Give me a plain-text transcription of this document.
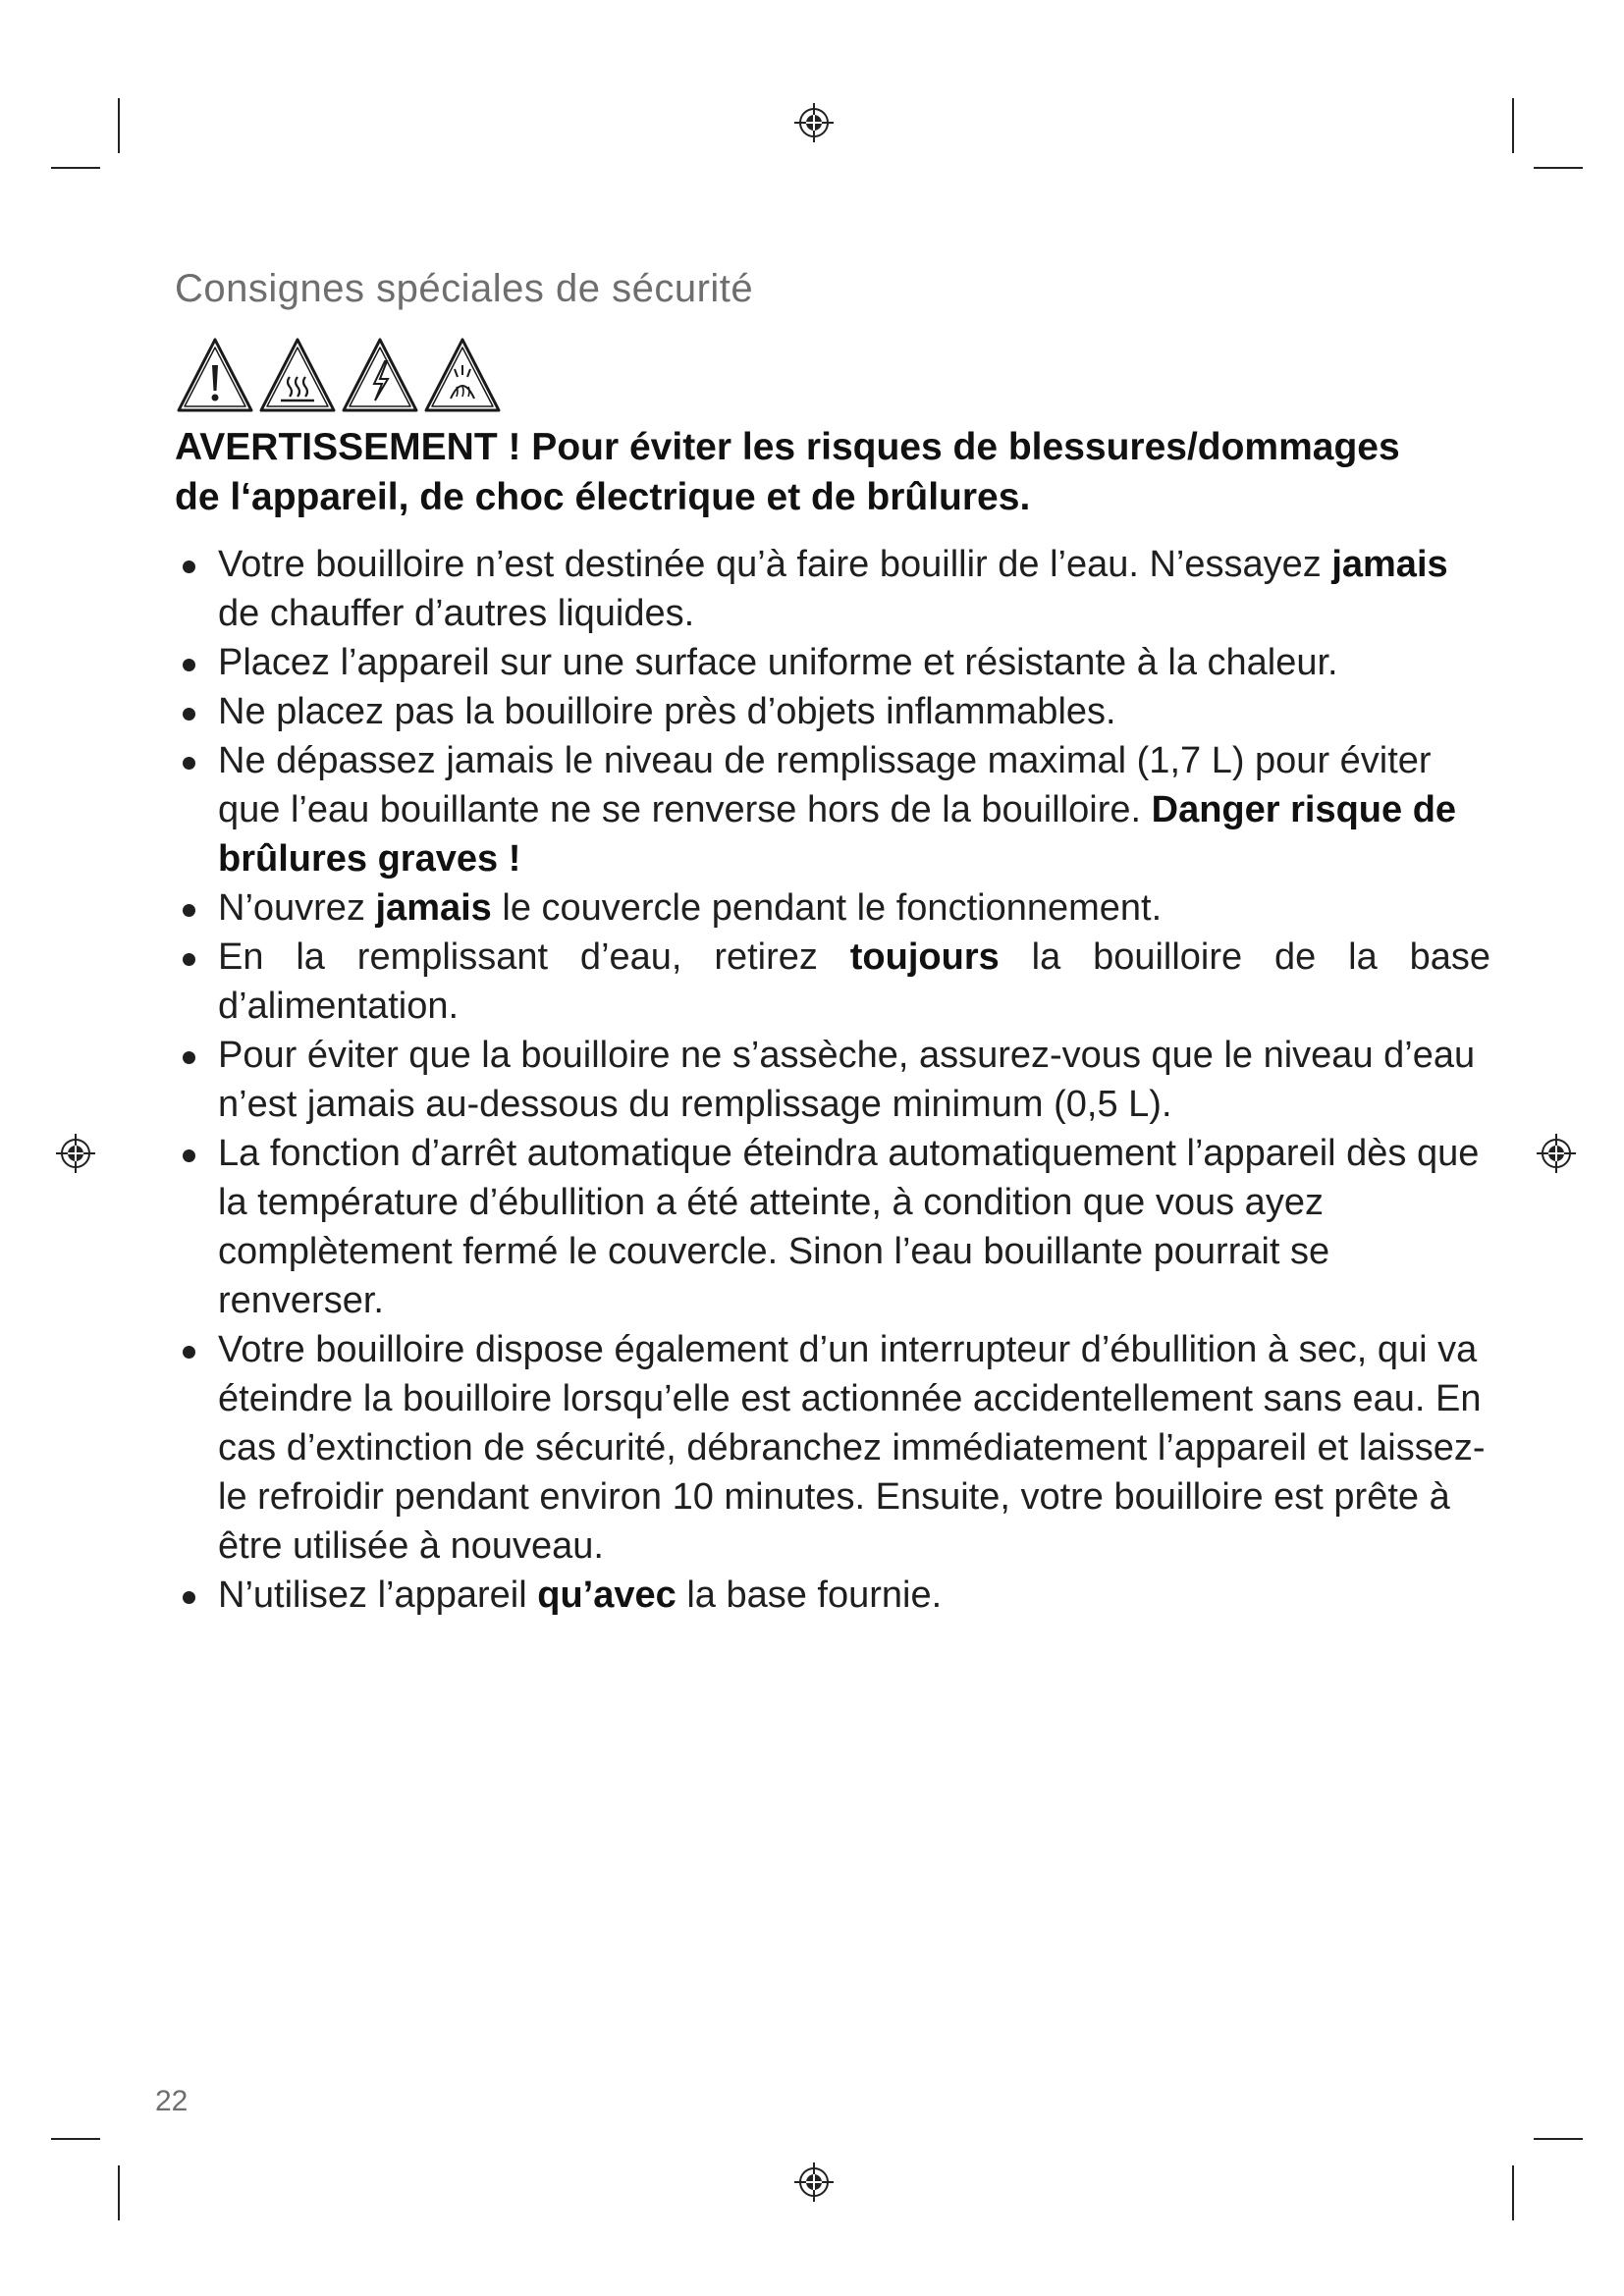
Consignes spéciales de sécurité
AVERTISSEMENT ! Pour éviter les risques de blessures/dommages
de l‘appareil, de choc électrique et de brûlures.
Votre bouilloire n’est destinée qu’à faire bouillir de l’eau. N’essayez jamais de chauffer d’autres liquides.
Placez l’appareil sur une surface uniforme et résistante à la chaleur.
Ne placez pas la bouilloire près d’objets inflammables.
Ne dépassez jamais le niveau de remplissage maximal (1,7 L) pour éviter que l’eau bouillante ne se renverse hors de la bouilloire. Danger risque de brûlures graves !
N’ouvrez jamais le couvercle pendant le fonctionnement.
En la remplissant d’eau, retirez toujours la bouilloire de la base d’alimentation.
Pour éviter que la bouilloire ne s’assèche, assurez-vous que le niveau d’eau n’est jamais au-dessous du remplissage minimum (0,5 L).
La fonction d’arrêt automatique éteindra automatiquement l’appareil dès que la température d’ébullition a été atteinte, à condition que vous ayez complètement fermé le couvercle. Sinon l’eau bouillante pourrait se renverser.
Votre bouilloire dispose également d’un interrupteur d’ébullition à sec, qui va éteindre la bouilloire lorsqu’elle est actionnée accidentellement sans eau. En cas d’extinction de sécurité, débranchez immédiatement l’appareil et laissez-le refroidir pendant environ 10 minutes. Ensuite, votre bouilloire est prête à être utilisée à nouveau.
N’utilisez l’appareil qu’avec la base fournie.
22
